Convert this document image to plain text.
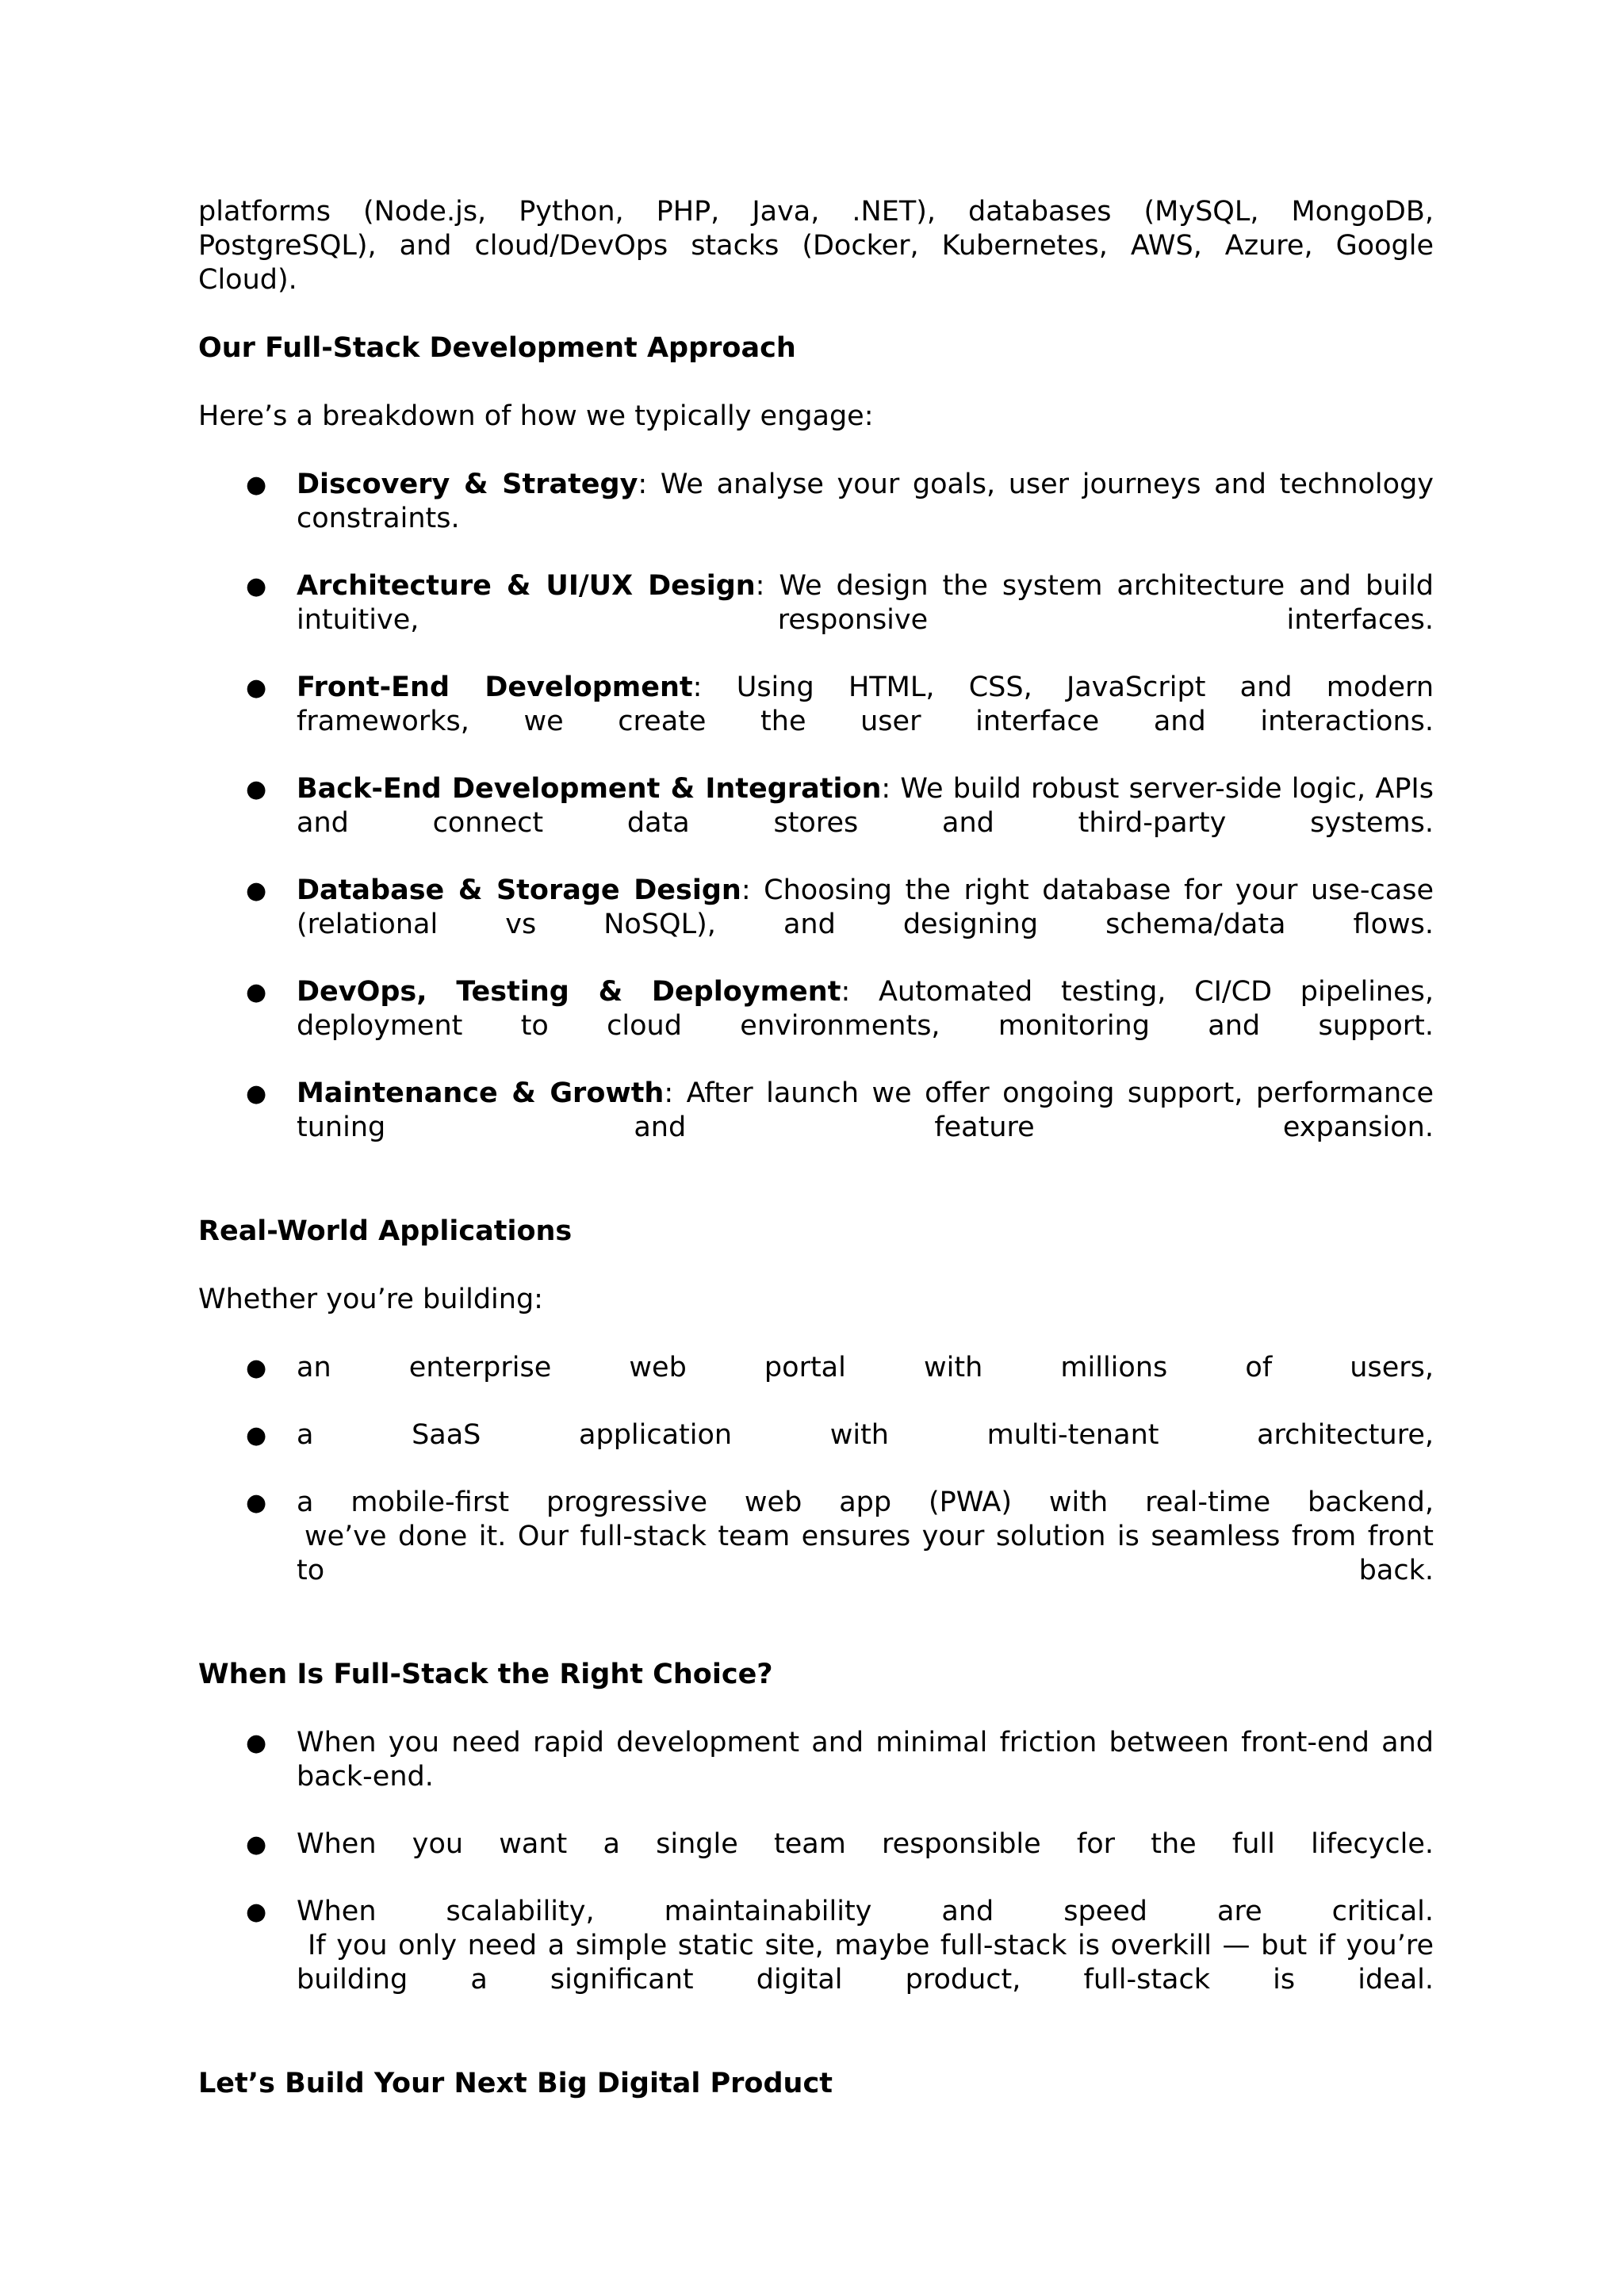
platforms (Node.js, Python, PHP, Java, .NET), databases (MySQL, MongoDB,

PostgreSQL), and cloud/DevOps stacks (Docker, Kubernetes, AWS, Azure, Google

Cloud).

Our Full-Stack Development Approach

Here’s a breakdown of how we typically engage:

● Discovery & Strategy: We analyse your goals, user journeys and technology

constraints.

● Architecture & UI/UX Design: We design the system architecture and build

intuitive, responsive interfaces.

● Front-End Development: Using HTML, CSS, JavaScript and modern

frameworks, we create the user interface and interactions.

● Back-End Development & Integration: We build robust server-side logic, APIs

and connect data stores and third-party systems.

● Database & Storage Design: Choosing the right database for your use-case

(relational vs NoSQL), and designing schema/data flows.

● DevOps, Testing & Deployment: Automated testing, CI/CD pipelines,

deployment to cloud environments, monitoring and support.

● Maintenance & Growth: After launch we offer ongoing support, performance

tuning and feature expansion.

Real-World Applications

Whether you’re building:

● an enterprise web portal with millions of users,

● a SaaS application with multi-tenant architecture,

● a mobile-first progressive web app (PWA) with real-time backend,

we’ve done it. Our full-stack team ensures your solution is seamless from front

to back.

When Is Full-Stack the Right Choice?

● When you need rapid development and minimal friction between front-end and

back-end.

● When you want a single team responsible for the full lifecycle.

● When scalability, maintainability and speed are critical.

If you only need a simple static site, maybe full-stack is overkill — but if you’re

building a significant digital product, full-stack is ideal.

Let’s Build Your Next Big Digital Product
